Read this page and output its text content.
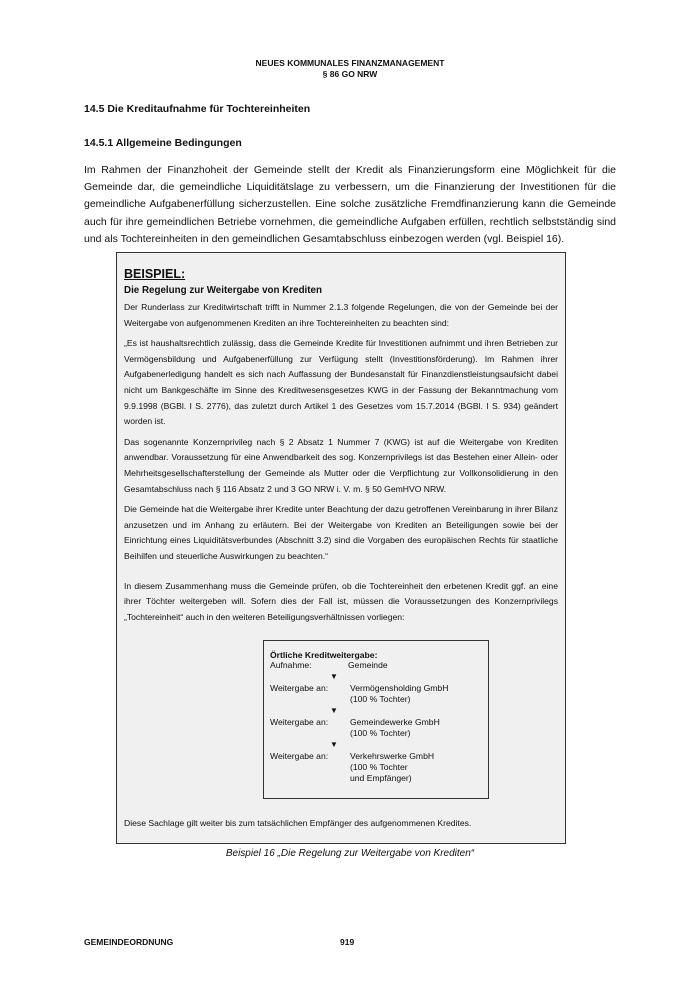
NEUES KOMMUNALES FINANZMANAGEMENT
§ 86 GO NRW
14.5 Die Kreditaufnahme für Tochtereinheiten
14.5.1 Allgemeine Bedingungen

Im Rahmen der Finanzhoheit der Gemeinde stellt der Kredit als Finanzierungsform eine Möglichkeit für die Gemeinde dar, die gemeindliche Liquiditätslage zu verbessern, um die Finanzierung der Investitionen für die gemeindliche Aufgabenerfüllung sicherzustellen. Eine solche zusätzliche Fremdfinanzierung kann die Gemeinde auch für ihre gemeindlichen Betriebe vornehmen, die gemeindliche Aufgaben erfüllen, rechtlich selbstständig sind und als Tochtereinheiten in den gemeindlichen Gesamtabschluss einbezogen werden (vgl. Beispiel 16).

BEISPIEL:
Die Regelung zur Weitergabe von Krediten

Der Runderlass zur Kreditwirtschaft trifft in Nummer 2.1.3 folgende Regelungen, die von der Gemeinde bei der Weitergabe von aufgenommenen Krediten an ihre Tochtereinheiten zu beachten sind:

„Es ist haushaltsrechtlich zulässig, dass die Gemeinde Kredite für Investitionen aufnimmt und ihren Betrieben zur Vermögensbildung und Aufgabenerfüllung zur Verfügung stellt (Investitionsförderung). Im Rahmen ihrer Aufgabenerledigung handelt es sich nach Auffassung der Bundesanstalt für Finanzdienstleistungsaufsicht dabei nicht um Bankgeschäfte im Sinne des Kreditwesensgesetzes KWG in der Fassung der Bekanntmachung vom 9.9.1998 (BGBl. I S. 2776), das zuletzt durch Artikel 1 des Gesetzes vom 15.7.2014 (BGBl. I S. 934) geändert worden ist.

Das sogenannte Konzernprivileg nach § 2 Absatz 1 Nummer 7 (KWG) ist auf die Weitergabe von Krediten anwendbar. Voraussetzung für eine Anwendbarkeit des sog. Konzernprivilegs ist das Bestehen einer Allein- oder Mehrheitsgesellschafterstellung der Gemeinde als Mutter oder die Verpflichtung zur Vollkonsolidierung in den Gesamtabschluss nach § 116 Absatz 2 und 3 GO NRW i. V. m. § 50 GemHVO NRW.

Die Gemeinde hat die Weitergabe ihrer Kredite unter Beachtung der dazu getroffenen Vereinbarung in ihrer Bilanz anzusetzen und im Anhang zu erläutern. Bei der Weitergabe von Krediten an Beteiligungen sowie bei der Einrichtung eines Liquiditätsverbundes (Abschnitt 3.2) sind die Vorgaben des europäischen Rechts für staatliche Beihilfen und steuerliche Auswirkungen zu beachten.“

In diesem Zusammenhang muss die Gemeinde prüfen, ob die Tochtereinheit den erbetenen Kredit ggf. an eine ihrer Töchter weitergeben will. Sofern dies der Fall ist, müssen die Voraussetzungen des Konzernprivilegs „Tochtereinheit“ auch in den weiteren Beteiligungsverhältnissen vorliegen:

Örtliche Kreditweitergabe:
Aufnahme:	Gemeinde
▼
Weitergabe an:	Vermögensholding GmbH
(100 % Tochter)
▼
Weitergabe an:	Gemeindewerke GmbH
(100 % Tochter)
▼
Weitergabe an:	Verkehrswerke GmbH
(100 % Tochter
und Empfänger)
Diese Sachlage gilt weiter bis zum tatsächlichen Empfänger des aufgenommenen Kredites.
Beispiel 16 „Die Regelung zur Weitergabe von Krediten“
GEMEINDEORDNUNG	919
